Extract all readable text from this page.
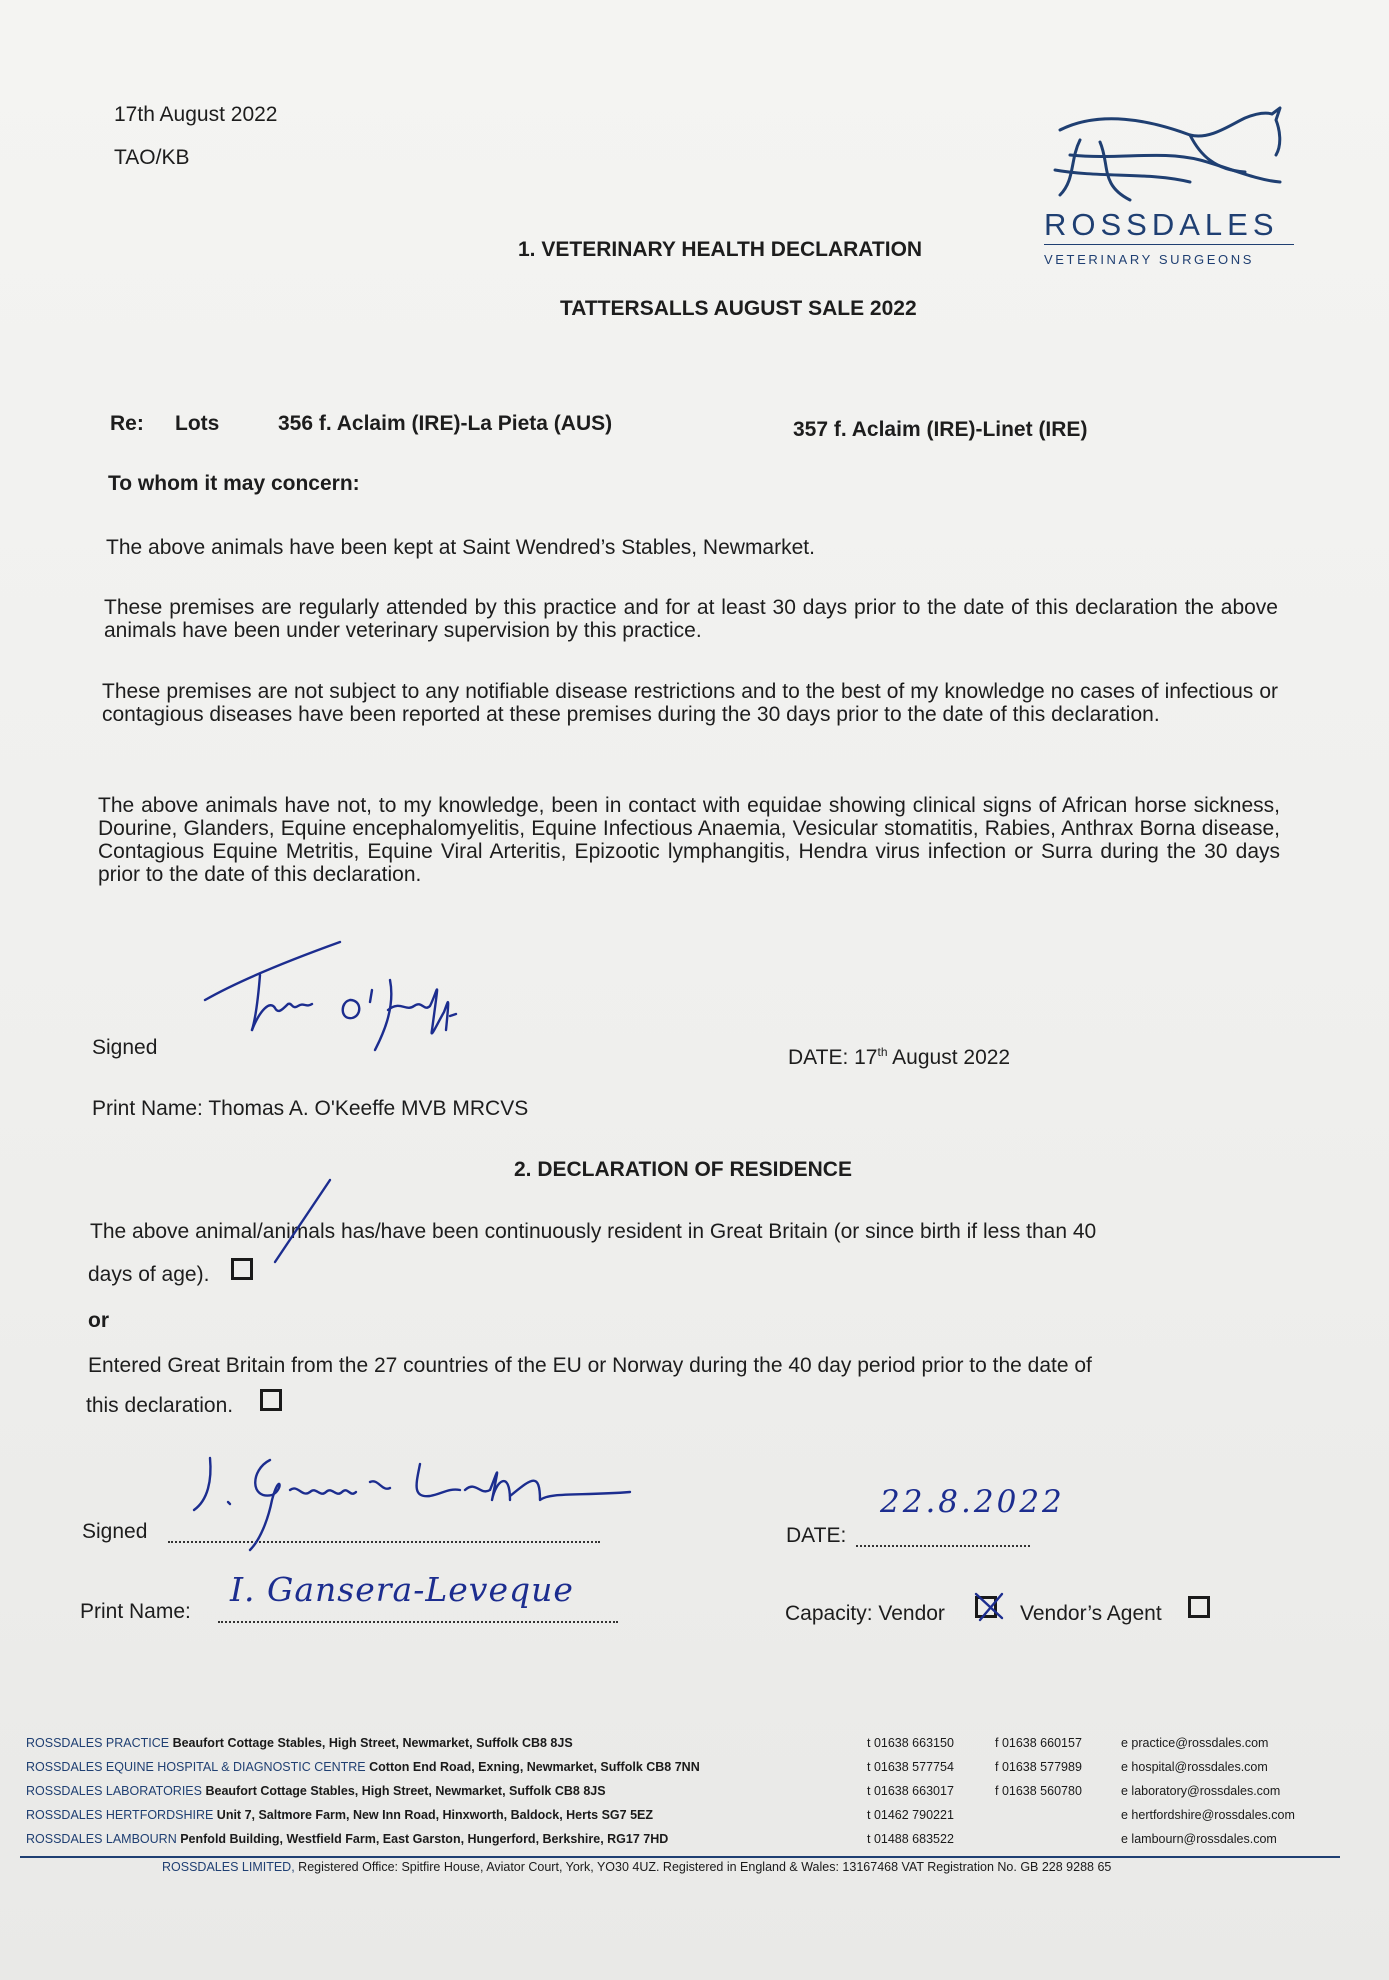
17th August 2022
TAO/KB
ROSSDALES
VETERINARY SURGEONS
1. VETERINARY HEALTH DECLARATION
TATTERSALLS AUGUST SALE 2022
Re: Lots	356 f. Aclaim (IRE)-La Pieta (AUS)	357 f. Aclaim (IRE)-Linet (IRE)
To whom it may concern:
The above animals have been kept at Saint Wendred’s Stables, Newmarket.
These premises are regularly attended by this practice and for at least 30 days prior to the date of this declaration the above animals have been under veterinary supervision by this practice.
These premises are not subject to any notifiable disease restrictions and to the best of my knowledge no cases of infectious or contagious diseases have been reported at these premises during the 30 days prior to the date of this declaration.
The above animals have not, to my knowledge, been in contact with equidae showing clinical signs of African horse sickness, Dourine, Glanders, Equine encephalomyelitis, Equine Infectious Anaemia, Vesicular stomatitis, Rabies, Anthrax Borna disease, Contagious Equine Metritis, Equine Viral Arteritis, Epizootic lymphangitis, Hendra virus infection or Surra during the 30 days prior to the date of this declaration.
Signed	DATE: 17th August 2022
Print Name: Thomas A. O'Keeffe MVB MRCVS
2. DECLARATION OF RESIDENCE
The above animal/animals has/have been continuously resident in Great Britain (or since birth if less than 40
days of age).
or
Entered Great Britain from the 27 countries of the EU or Norway during the 40 day period prior to the date of
this declaration.
Signed	DATE:
22.8.2022
Print Name:
I. Gansera-Leveque
Capacity: Vendor	Vendor’s Agent
ROSSDALES PRACTICE Beaufort Cottage Stables, High Street, Newmarket, Suffolk CB8 8JS	t 01638 663150	f 01638 660157	e practice@rossdales.com
ROSSDALES EQUINE HOSPITAL & DIAGNOSTIC CENTRE Cotton End Road, Exning, Newmarket, Suffolk CB8 7NN	t 01638 577754	f 01638 577989	e hospital@rossdales.com
ROSSDALES LABORATORIES Beaufort Cottage Stables, High Street, Newmarket, Suffolk CB8 8JS	t 01638 663017	f 01638 560780	e laboratory@rossdales.com
ROSSDALES HERTFORDSHIRE Unit 7, Saltmore Farm, New Inn Road, Hinxworth, Baldock, Herts SG7 5EZ	t 01462 790221	e hertfordshire@rossdales.com
ROSSDALES LAMBOURN Penfold Building, Westfield Farm, East Garston, Hungerford, Berkshire, RG17 7HD	t 01488 683522	e lambourn@rossdales.com
ROSSDALES LIMITED, Registered Office: Spitfire House, Aviator Court, York, YO30 4UZ. Registered in England & Wales: 13167468 VAT Registration No. GB 228 9288 65
